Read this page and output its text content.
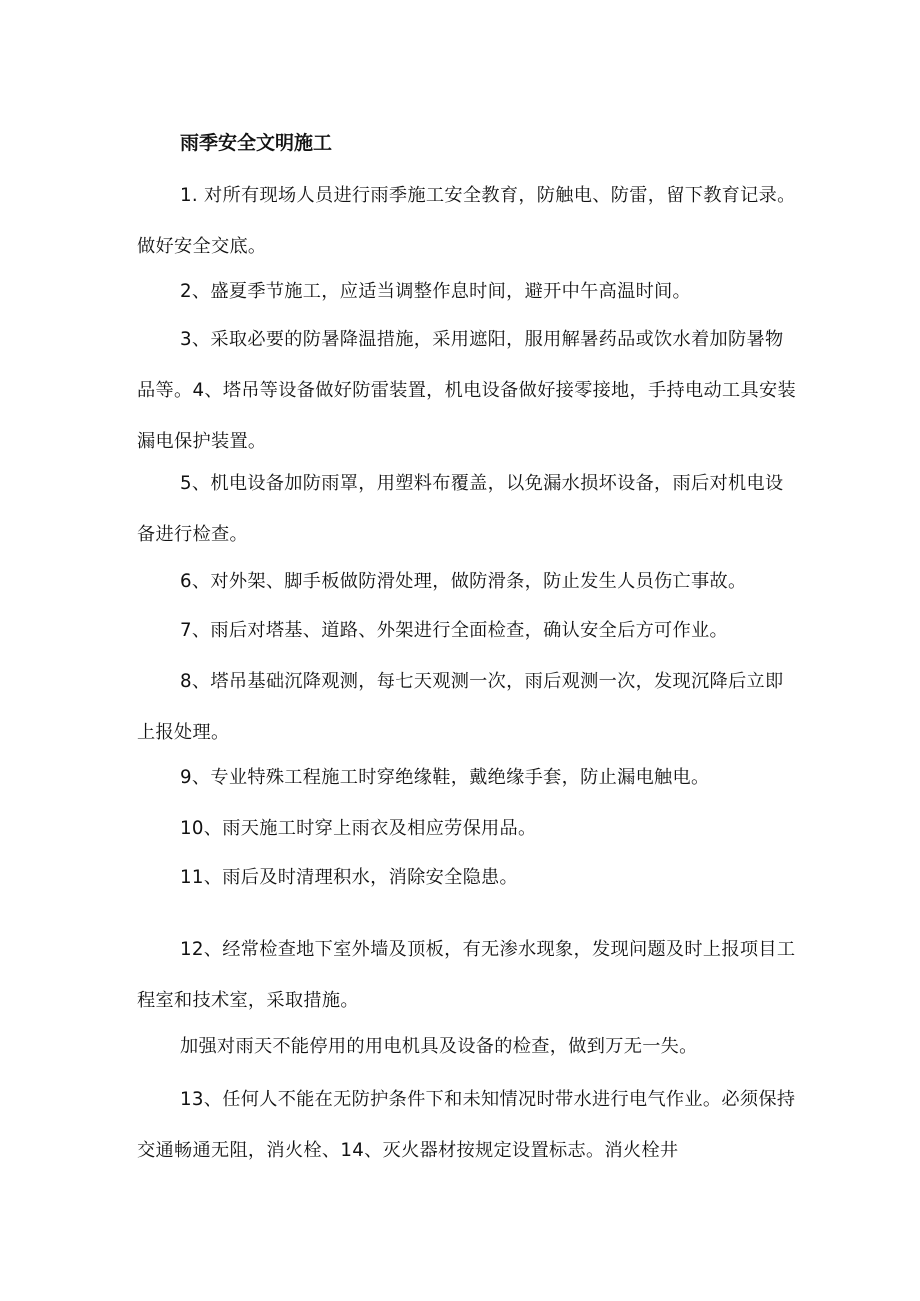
雨季安全文明施工

1. 对所有现场人员进行雨季施工安全教育，防触电、防雷，留下教育记录。做好安全交底。

2、盛夏季节施工，应适当调整作息时间，避开中午高温时间。

3、采取必要的防暑降温措施，采用遮阳，服用解暑药品或饮水着加防暑物品等。4、塔吊等设备做好防雷装置，机电设备做好接零接地，手持电动工具安装漏电保护装置。

5、机电设备加防雨罩，用塑料布覆盖，以免漏水损坏设备，雨后对机电设备进行检查。

6、对外架、脚手板做防滑处理，做防滑条，防止发生人员伤亡事故。

7、雨后对塔基、道路、外架进行全面检查，确认安全后方可作业。

8、塔吊基础沉降观测，每七天观测一次，雨后观测一次，发现沉降后立即上报处理。

9、专业特殊工程施工时穿绝缘鞋，戴绝缘手套，防止漏电触电。

10、雨天施工时穿上雨衣及相应劳保用品。

11、雨后及时清理积水，消除安全隐患。

12、经常检查地下室外墙及顶板，有无渗水现象，发现问题及时上报项目工程室和技术室，采取措施。

加强对雨天不能停用的用电机具及设备的检查，做到万无一失。

13、任何人不能在无防护条件下和未知情况时带水进行电气作业。必须保持交通畅通无阻，消火栓、14、灭火器材按规定设置标志。消火栓井
